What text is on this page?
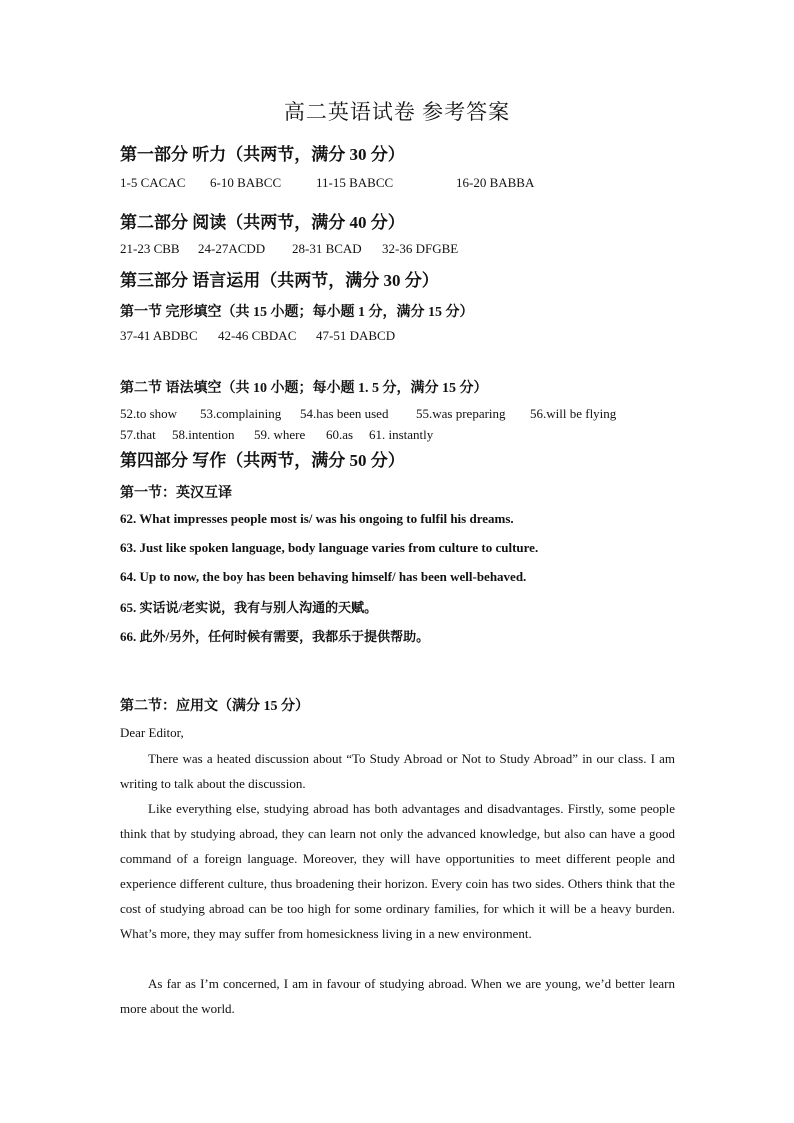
高二英语试卷 参考答案
第一部分 听力（共两节，满分 30 分）
1-5 CACAC 6-10 BABCC	11-15 BABCC	16-20 BABBA
第二部分 阅读（共两节，满分 40 分）
21-23 CBB 24-27ACDD 28-31 BCAD 32-36 DFGBE
第三部分 语言运用（共两节，满分 30 分）
第一节 完形填空（共 15 小题；每小题 1 分，满分 15 分）
37-41 ABDBC 42-46 CBDAC 47-51 DABCD
第二节 语法填空（共 10 小题；每小题 1. 5 分，满分 15 分）
52.to show 53.complaining 54.has been used 55.was preparing 56.will be flying
57.that 58.intention 59. where 60.as 61. instantly
第四部分 写作（共两节，满分 50 分）
第一节：英汉互译
62. What impresses people most is/ was his ongoing to fulfil his dreams.
63. Just like spoken language, body language varies from culture to culture.
64. Up to now, the boy has been behaving himself/ has been well-behaved.
65. 实话说/老实说，我有与别人沟通的天赋。
66. 此外/另外，任何时候有需要，我都乐于提供帮助。
第二节：应用文（满分 15 分）
Dear Editor,
There was a heated discussion about “To Study Abroad or Not to Study Abroad” in our class. I am writing to talk about the discussion.
Like everything else, studying abroad has both advantages and disadvantages. Firstly, some people think that by studying abroad, they can learn not only the advanced knowledge, but also can have a good command of a foreign language. Moreover, they will have opportunities to meet different people and experience different culture, thus broadening their horizon. Every coin has two sides. Others think that the cost of studying abroad can be too high for some ordinary families, for which it will be a heavy burden. What’s more, they may suffer from homesickness living in a new environment.
As far as I’m concerned, I am in favour of studying abroad. When we are young, we’d better learn more about the world.
